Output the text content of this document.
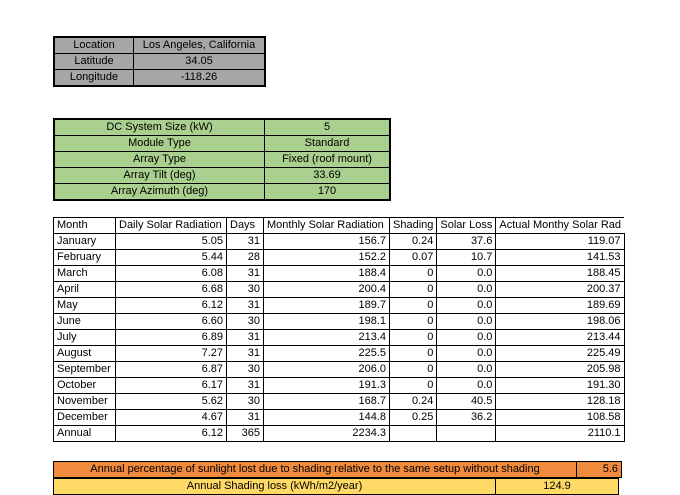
Location	Los Angeles, California
Latitude	34.05
Longitude	-118.26
DC System Size (kW)	5
Module Type	Standard
Array Type	Fixed (roof mount)
Array Tilt (deg)	33.69
Array Azimuth (deg)	170
Month	Daily Solar Radiation	Days	Monthly Solar Radiation	Shading	Solar Loss	Actual Monthy Solar Rad
January	5.05	31	156.7	0.24	37.6	119.07
February	5.44	28	152.2	0.07	10.7	141.53
March	6.08	31	188.4	0	0.0	188.45
April	6.68	30	200.4	0	0.0	200.37
May	6.12	31	189.7	0	0.0	189.69
June	6.60	30	198.1	0	0.0	198.06
July	6.89	31	213.4	0	0.0	213.44
August	7.27	31	225.5	0	0.0	225.49
September	6.87	30	206.0	0	0.0	205.98
October	6.17	31	191.3	0	0.0	191.30
November	5.62	30	168.7	0.24	40.5	128.18
December	4.67	31	144.8	0.25	36.2	108.58
Annual	6.12	365	2234.3			2110.1
Annual percentage of sunlight lost due to shading relative to the same setup without shading	5.6
Annual Shading loss (kWh/m2/year)	124.9
